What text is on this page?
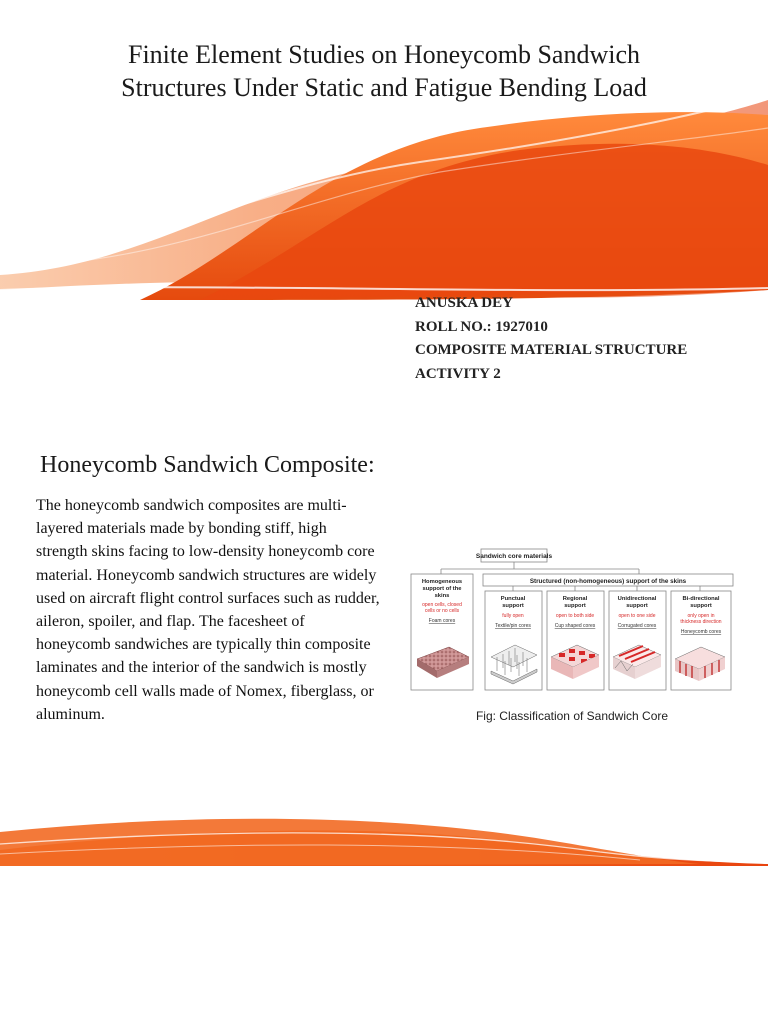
Finite Element Studies on Honeycomb Sandwich
Structures Under Static and Fatigue Bending Load
ANUSKA DEY
ROLL NO.: 1927010
COMPOSITE MATERIAL STRUCTURE
ACTIVITY 2
Honeycomb Sandwich Composite:

The honeycomb sandwich composites are multi-layered materials made by bonding stiff, high strength skins facing to low-density honeycomb core material. Honeycomb sandwich structures are widely used on aircraft flight control surfaces such as rudder, aileron, spoiler, and flap. The facesheet of honeycomb sandwiches are typically thin composite laminates and the interior of the sandwich is mostly honeycomb cell walls made of Nomex, fiberglass, or aluminum.

Sandwich core materials
Homogeneous
support of the
skins
open cells, closed
cells or no cells
Foam cores
Structured (non-homogeneous) support of the skins
Punctual
support
fully open
Textile/pin cores
Regional
support
open to both side
Cup shaped cores
Unidirectional
support
open to one side
Corrugated cores
Bi-directional
support
only open in
thickness direction
Honeycomb cores
Fig: Classification of Sandwich Core
